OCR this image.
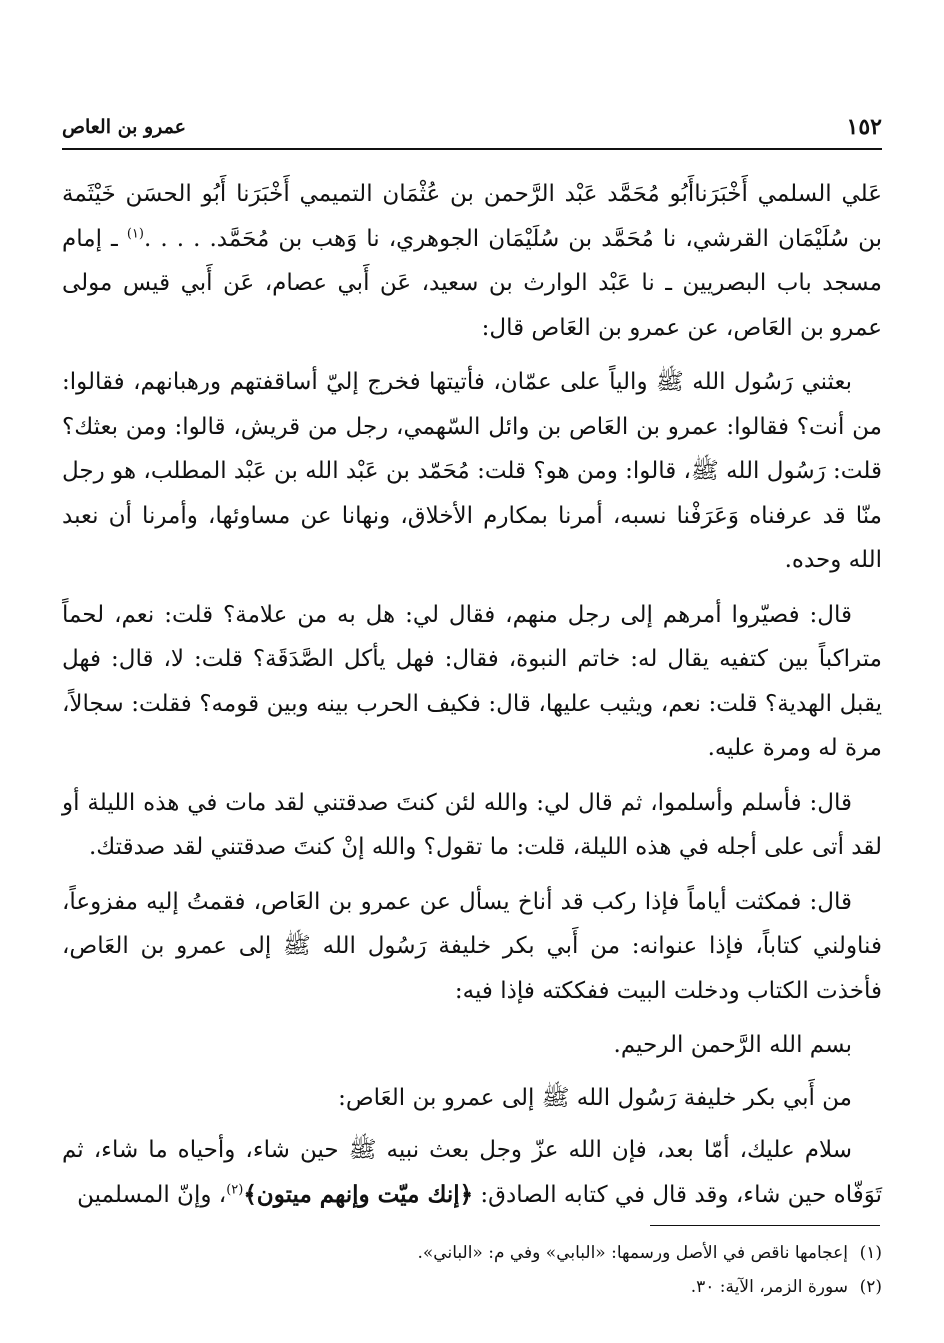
١٥٢
عمرو بن العاص

عَلي السلمي أَخْبَرَناأَبُو مُحَمَّد عَبْد الرَّحمن بن عُثْمَان التميمي أَخْبَرَنا أَبُو الحسَن خَيْثَمة بن سُلَيْمَان القرشي، نا مُحَمَّد بن سُلَيْمَان الجوهري، نا وَهب بن مُحَمَّد. . . . .$^{(١)}$ ـ إمام مسجد باب البصريين ـ نا عَبْد الوارث بن سعيد، عَن أَبي عصام، عَن أَبي قيس مولى عمرو بن العَاص، عن عمرو بن العَاص قال:

بعثني رَسُول الله ﷺ والياً على عمّان، فأتيتها فخرج إليّ أساقفتهم ورهبانهم، فقالوا: من أنت؟ فقالوا: عمرو بن العَاص بن وائل السّهمي، رجل من قريش، قالوا: ومن بعثك؟ قلت: رَسُول الله ﷺ، قالوا: ومن هو؟ قلت: مُحَمّد بن عَبْد الله بن عَبْد المطلب، هو رجل منّا قد عرفناه وَعَرَفْنا نسبه، أمرنا بمكارم الأخلاق، ونهانا عن مساوئها، وأمرنا أن نعبد الله وحده.

قال: فصيّروا أمرهم إلى رجل منهم، فقال لي: هل به من علامة؟ قلت: نعم، لحماً متراكباً بين كتفيه يقال له: خاتم النبوة، فقال: فهل يأكل الصَّدَقَة؟ قلت: لا، قال: فهل يقبل الهدية؟ قلت: نعم، ويثيب عليها، قال: فكيف الحرب بينه وبين قومه؟ فقلت: سجالاً، مرة له ومرة عليه.

قال: فأسلم وأسلموا، ثم قال لي: والله لئن كنتَ صدقتني لقد مات في هذه الليلة أو لقد أتى على أجله في هذه الليلة، قلت: ما تقول؟ والله إنْ كنتَ صدقتني لقد صدقتك.

قال: فمكثت أياماً فإذا ركب قد أناخ يسأل عن عمرو بن العَاص، فقمتُ إليه مفزوعاً، فناولني كتاباً، فإذا عنوانه: من أَبي بكر خليفة رَسُول الله ﷺ إلى عمرو بن العَاص، فأخذت الكتاب ودخلت البيت ففككته فإذا فيه:

بسم الله الرَّحمن الرحيم.

من أَبي بكر خليفة رَسُول الله ﷺ إلى عمرو بن العَاص:

سلام عليك، أمّا بعد، فإن الله عزّ وجل بعث نبيه ﷺ حين شاء، وأحياه ما شاء، ثم تَوَفّاه حين شاء، وقد قال في كتابه الصادق: ﴿إنك ميّت وإنهم ميتون﴾$^{(٢)}$، وإنّ المسلمين

(١)إعجامها ناقص في الأصل ورسمها: «البابي» وفي م: «الباني».

(٢)سورة الزمر، الآية: ٣٠.
